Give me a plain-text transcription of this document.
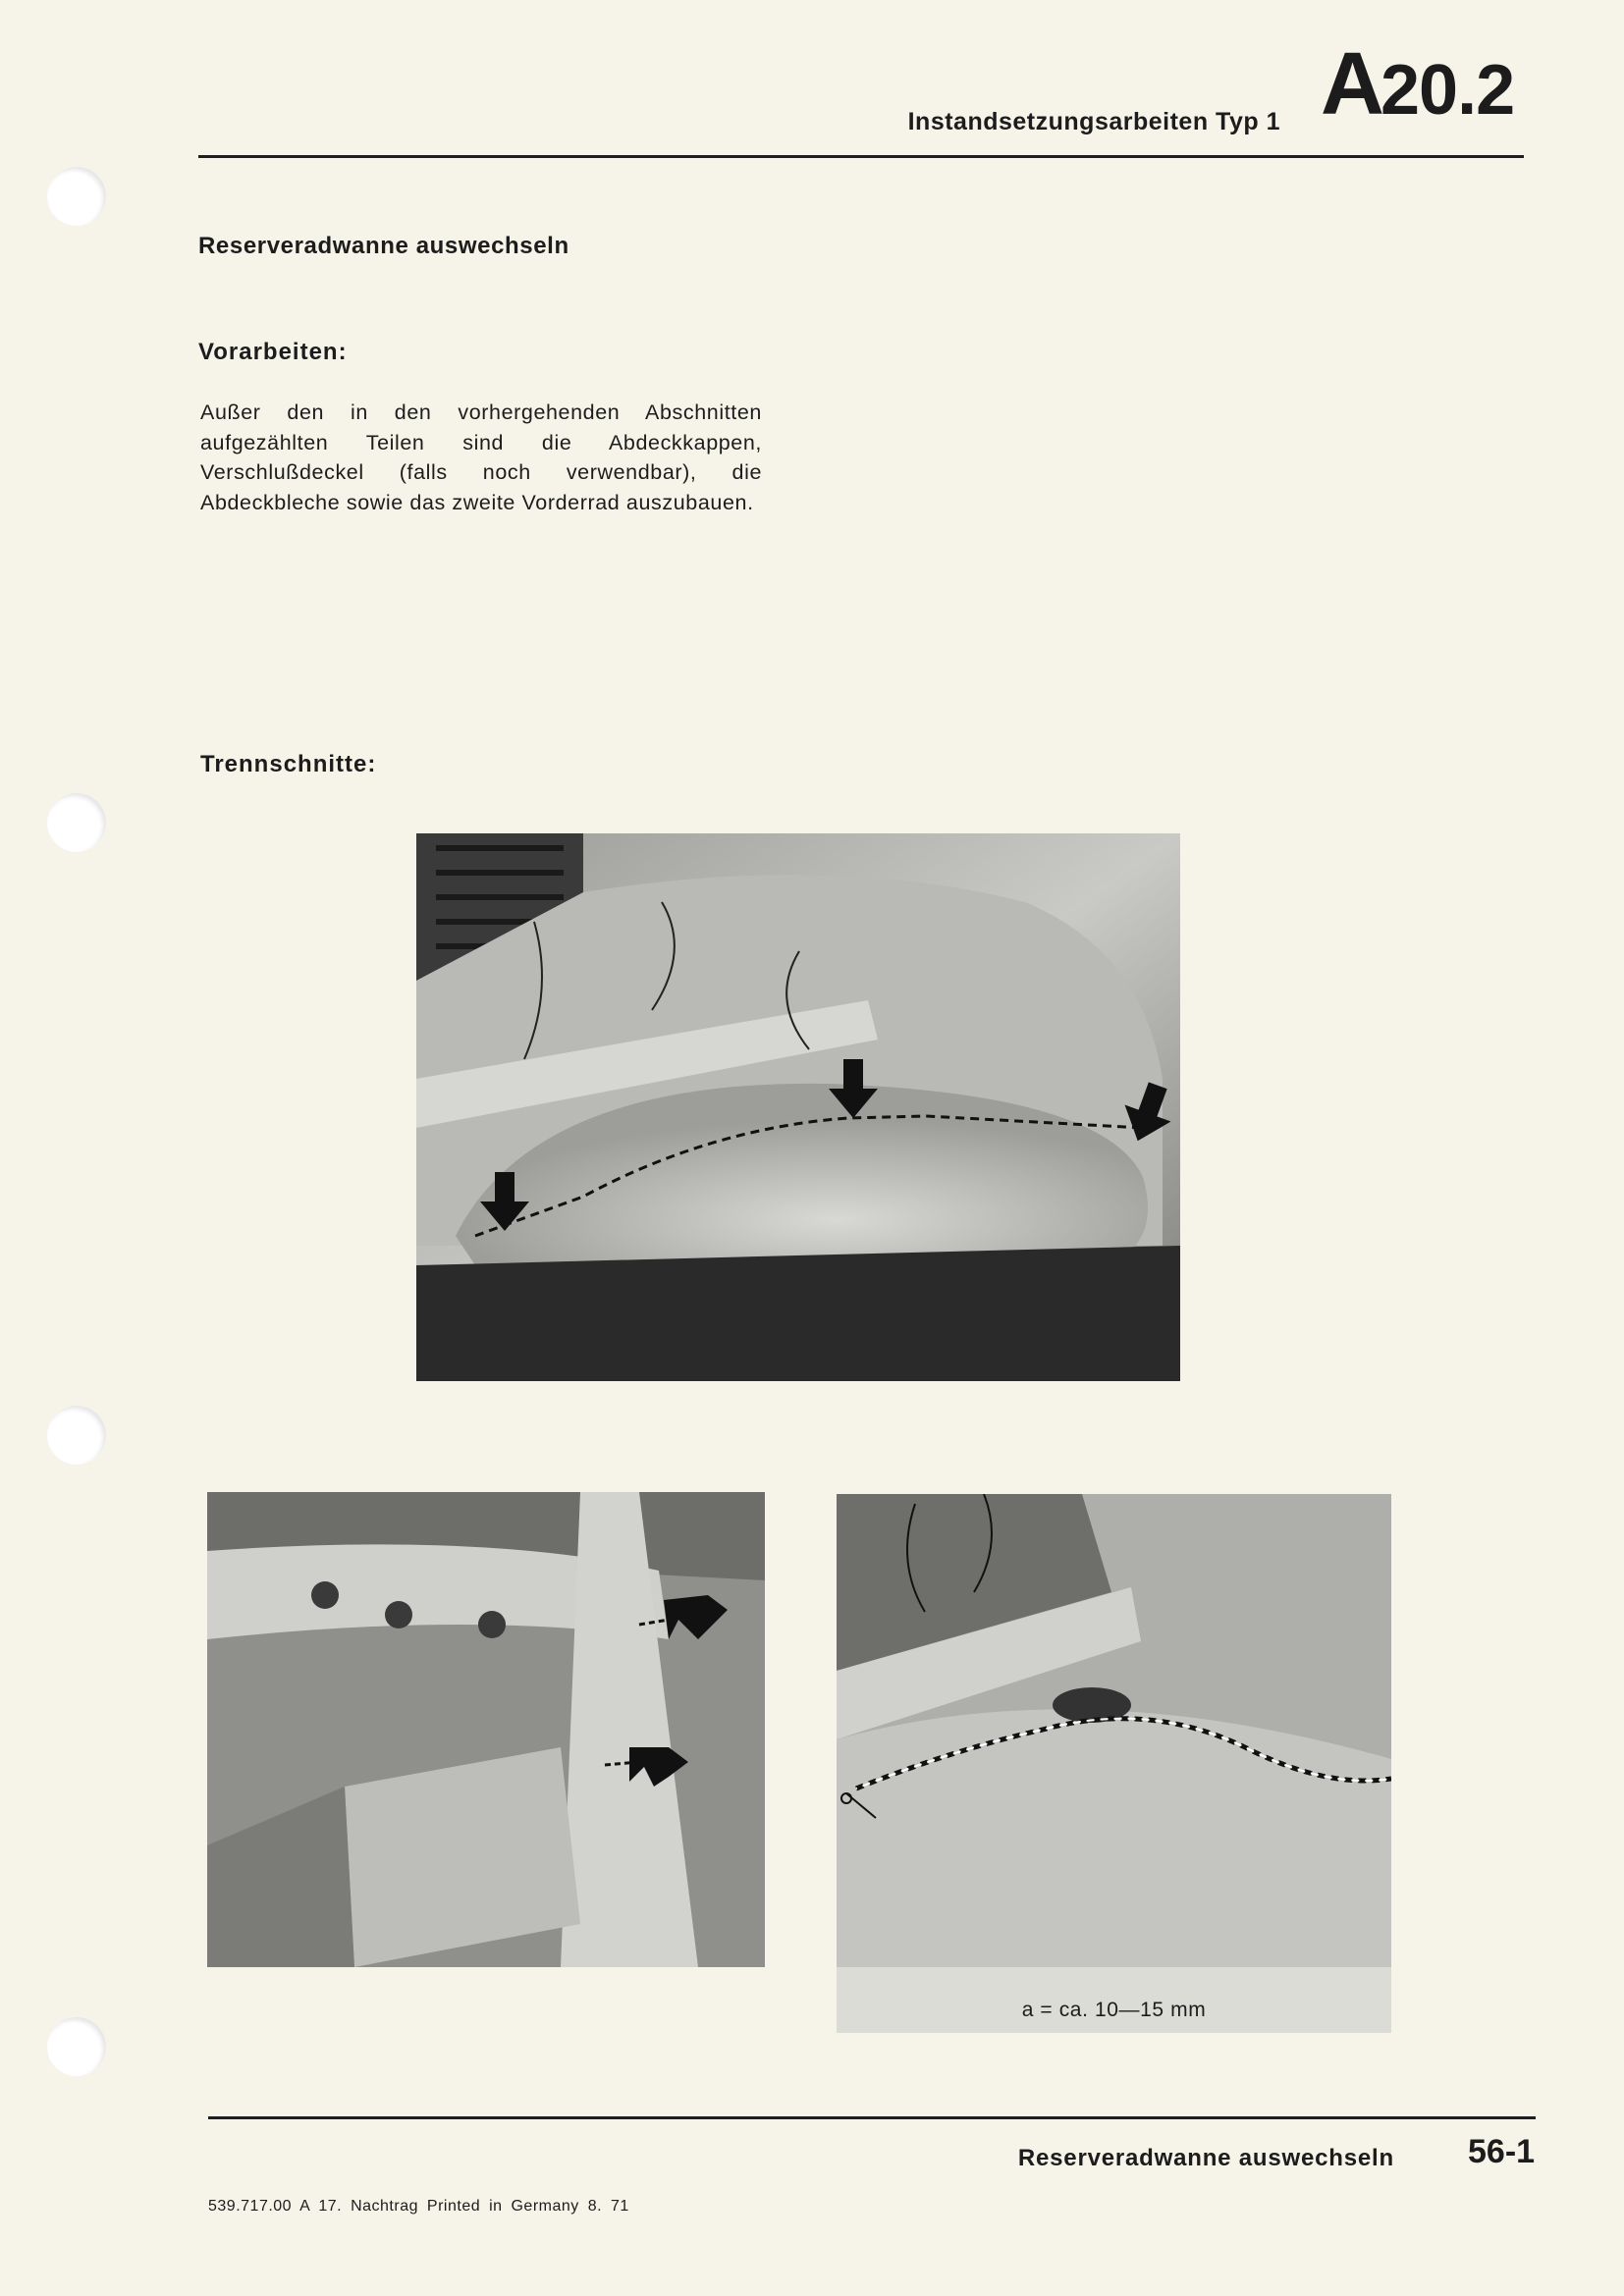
Instandsetzungsarbeiten Typ 1 A20.2
Reserveradwanne auswechseln
Vorarbeiten:
Außer den in den vorhergehenden Abschnitten aufgezählten Teilen sind die Abdeckkappen, Verschlußdeckel (falls noch verwendbar), die Abdeckbleche sowie das zweite Vorderrad auszubauen.
Trennschnitte:
a = ca. 10—15 mm
Reserveradwanne auswechseln 56-1
539.717.00 A 17. Nachtrag Printed in Germany 8. 71
